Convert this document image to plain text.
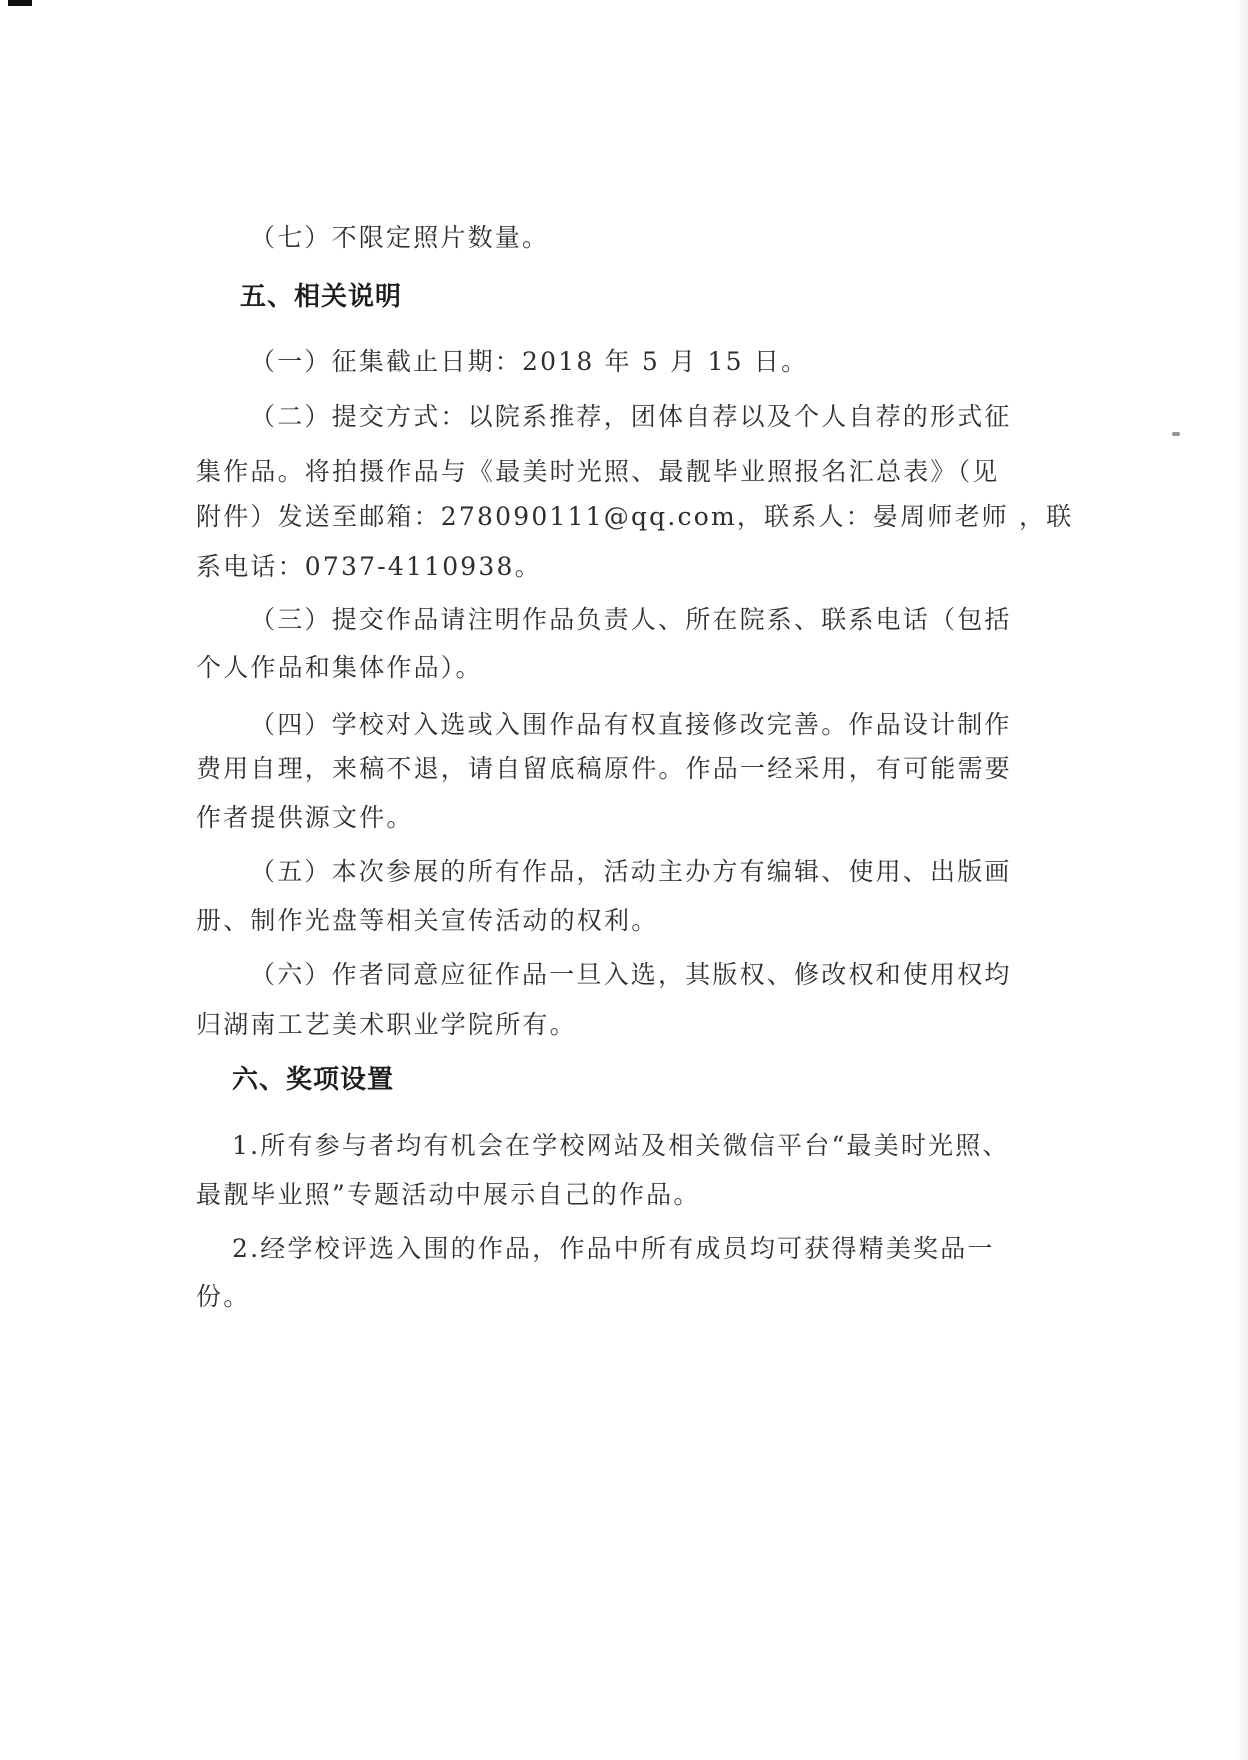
（七）不限定照片数量。
五、相关说明
（一）征集截止日期：2018 年 5 月 15 日。
（二）提交方式：以院系推荐，团体自荐以及个人自荐的形式征
集作品。将拍摄作品与《最美时光照、最靓毕业照报名汇总表》（见
附件）发送至邮箱：278090111@qq.com，联系人：晏周师老师 ，联
系电话：0737-4110938。
（三）提交作品请注明作品负责人、所在院系、联系电话（包括
个人作品和集体作品）。
（四）学校对入选或入围作品有权直接修改完善。作品设计制作
费用自理，来稿不退，请自留底稿原件。作品一经采用，有可能需要
作者提供源文件。
（五）本次参展的所有作品，活动主办方有编辑、使用、出版画
册、制作光盘等相关宣传活动的权利。
（六）作者同意应征作品一旦入选，其版权、修改权和使用权均
归湖南工艺美术职业学院所有。
六、奖项设置
1.所有参与者均有机会在学校网站及相关微信平台“最美时光照、
最靓毕业照”专题活动中展示自己的作品。
2.经学校评选入围的作品，作品中所有成员均可获得精美奖品一
份。
